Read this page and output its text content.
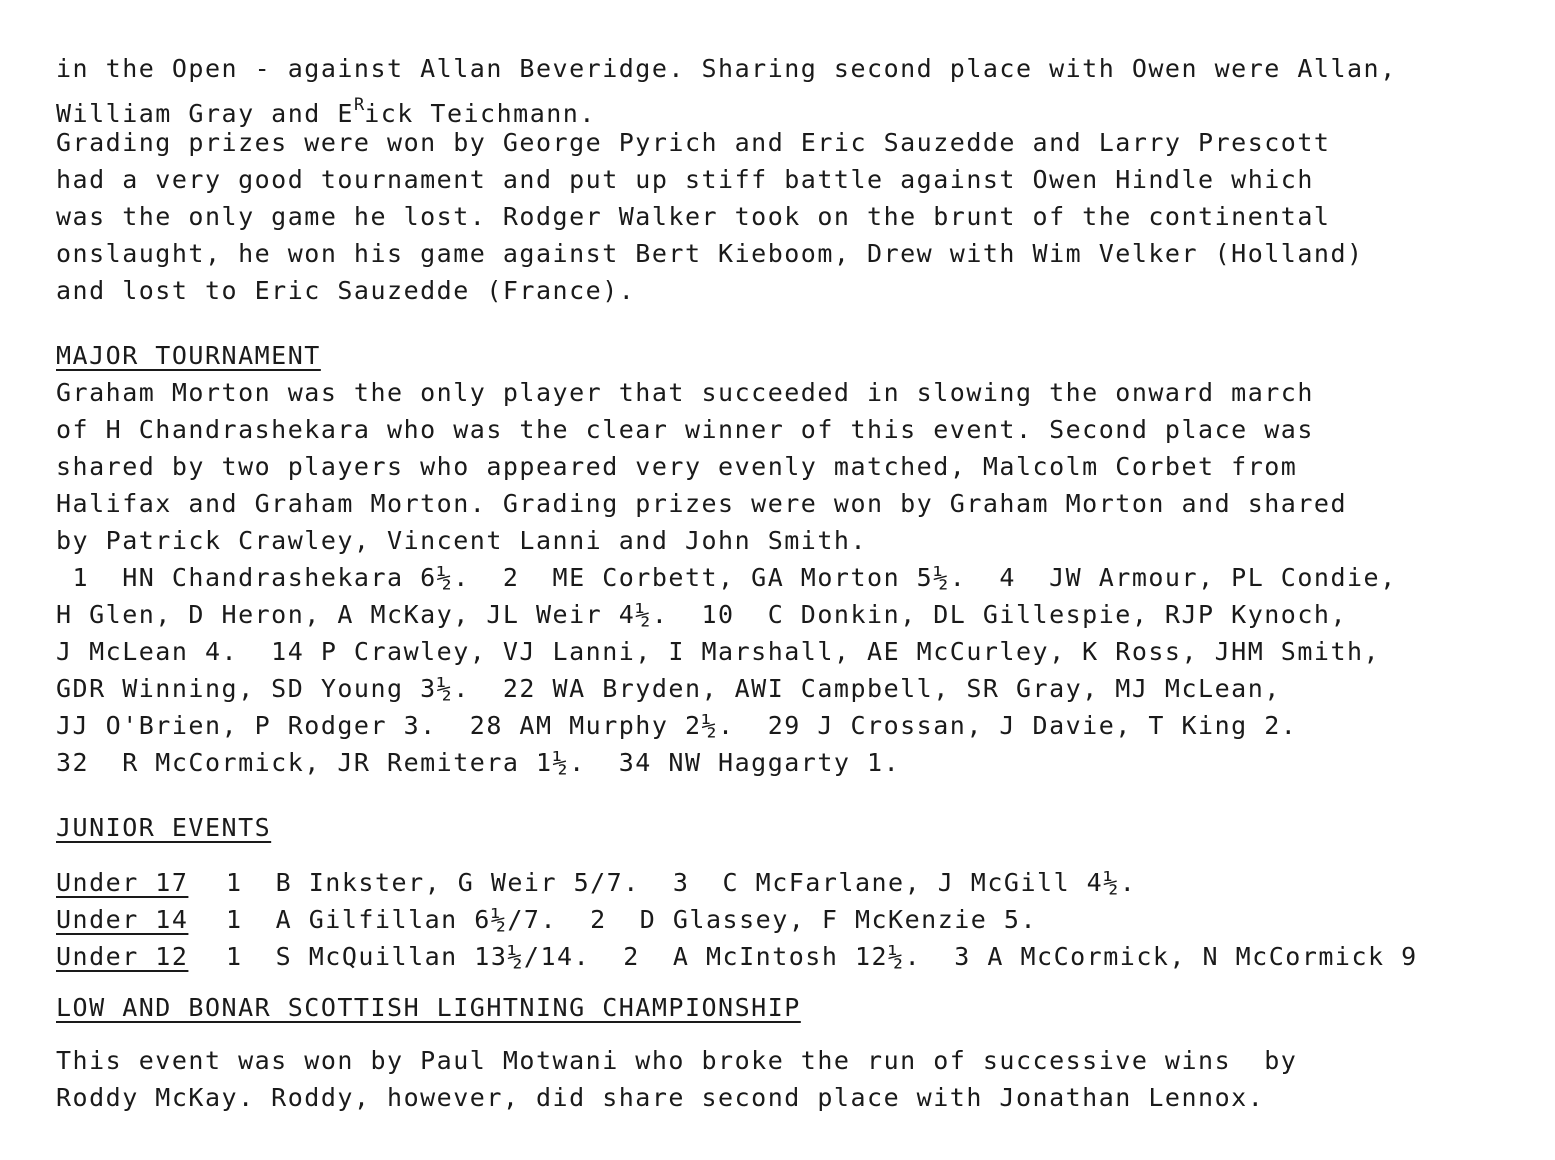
in the Open - against Allan Beveridge. Sharing second place with Owen were Allan,
William Gray and $E^Rick$ Teichmann.
Grading prizes were won by George Pyrich and Eric Sauzedde and Larry Prescott
had a very good tournament and put up stiff battle against Owen Hindle which
was the only game he lost. Rodger Walker took on the brunt of the continental
onslaught, he won his game against Bert Kieboom, Drew with Wim Velker (Holland)
and lost to Eric Sauzedde (France).
MAJOR TOURNAMENT
Graham Morton was the only player that succeeded in slowing the onward march
of H Chandrashekara who was the clear winner of this event. Second place was
shared by two players who appeared very evenly matched, Malcolm Corbet from
Halifax and Graham Morton. Grading prizes were won by Graham Morton and shared
by Patrick Crawley, Vincent Lanni and John Smith.
1  HN Chandrashekara 6½.  2  ME Corbett, GA Morton 5½.  4  JW Armour, PL Condie,
H Glen, D Heron, A McKay, JL Weir 4½.  10  C Donkin, DL Gillespie, RJP Kynoch,
J McLean 4.  14 P Crawley, VJ Lanni, I Marshall, AE McCurley, K Ross, JHM Smith,
GDR Winning, SD Young 3½.  22 WA Bryden, AWI Campbell, SR Gray, MJ McLean,
JJ O'Brien, P Rodger 3.  28 AM Murphy 2½.  29 J Crossan, J Davie, T King 2.
32  R McCormick, JR Remitera 1½.  34 NW Haggarty 1.
JUNIOR EVENTS
Under 17 1  B Inkster, G Weir 5/7.  3  C McFarlane, J McGill 4½.
Under 14 1  A Gilfillan 6½/7.  2  D Glassey, F McKenzie 5.
Under 12 1  S McQuillan 13½/14.  2  A McIntosh 12½.  3 A McCormick, N McCormick 9
LOW AND BONAR SCOTTISH LIGHTNING CHAMPIONSHIP
This event was won by Paul Motwani who broke the run of successive wins  by
Roddy McKay. Roddy, however, did share second place with Jonathan Lennox.
